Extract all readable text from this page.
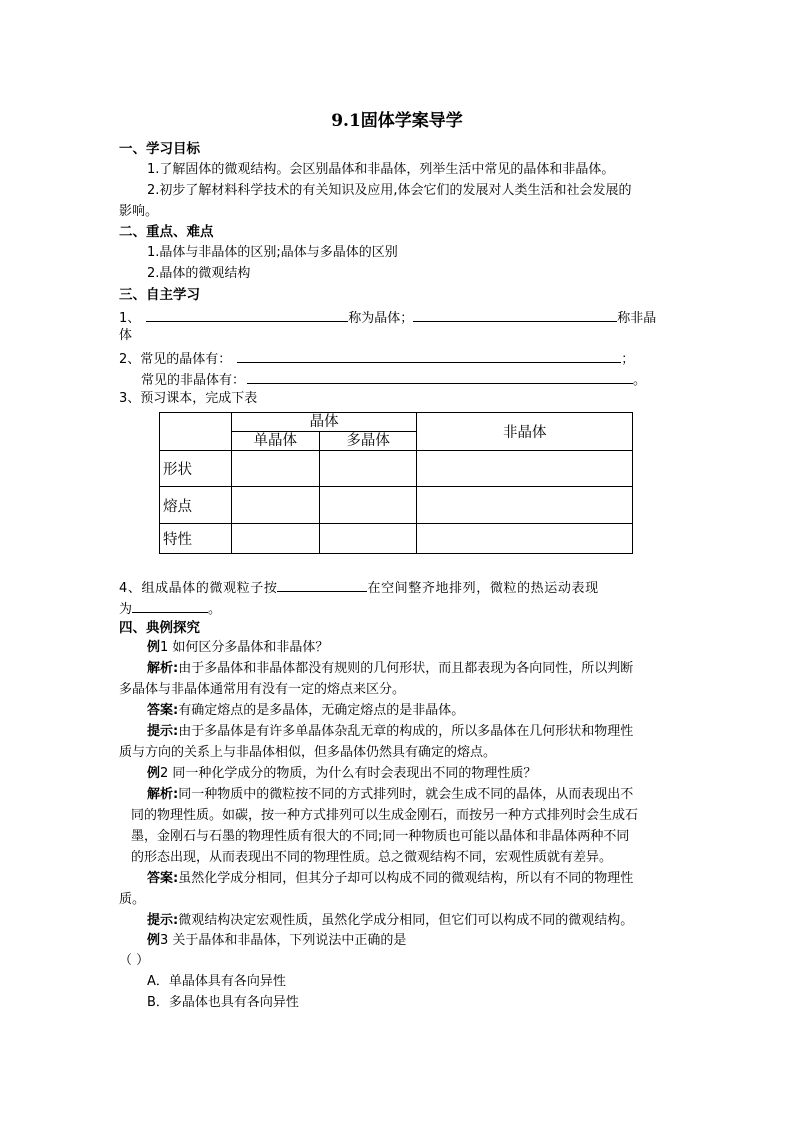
9.1固体学案导学
一、学习目标
1.了解固体的微观结构。会区别晶体和非晶体，列举生活中常见的晶体和非晶体。
2.初步了解材料科学技术的有关知识及应用,体会它们的发展对人类生活和社会发展的
影响。
二、重点、难点
1.晶体与非晶体的区别;晶体与多晶体的区别
2.晶体的微观结构
三、自主学习
1、	称为晶体；	称非晶
体
2、常见的晶体有：	；
常见的非晶体有：	。
3、预习课本，完成下表
	晶体		非晶体
	单晶体	多晶体	
形状			
熔点			
特性			
4、组成晶体的微观粒子按	在空间整齐地排列，微粒的热运动表现
为	。
四、典例探究
例1 如何区分多晶体和非晶体？
解析:由于多晶体和非晶体都没有规则的几何形状，而且都表现为各向同性，所以判断
多晶体与非晶体通常用有没有一定的熔点来区分。
答案:有确定熔点的是多晶体，无确定熔点的是非晶体。
提示:由于多晶体是有许多单晶体杂乱无章的构成的，所以多晶体在几何形状和物理性
质与方向的关系上与非晶体相似，但多晶体仍然具有确定的熔点。
例2 同一种化学成分的物质，为什么有时会表现出不同的物理性质？
解析:同一种物质中的微粒按不同的方式排列时，就会生成不同的晶体，从而表现出不
同的物理性质。如碳，按一种方式排列可以生成金刚石，而按另一种方式排列时会生成石
墨，金刚石与石墨的物理性质有很大的不同;同一种物质也可能以晶体和非晶体两种不同
的形态出现，从而表现出不同的物理性质。总之微观结构不同，宏观性质就有差异。
答案:虽然化学成分相同，但其分子却可以构成不同的微观结构，所以有不同的物理性
质。
提示:微观结构决定宏观性质，虽然化学成分相同，但它们可以构成不同的微观结构。
例3 关于晶体和非晶体，下列说法中正确的是
（ ）
A．单晶体具有各向异性
B．多晶体也具有各向异性
